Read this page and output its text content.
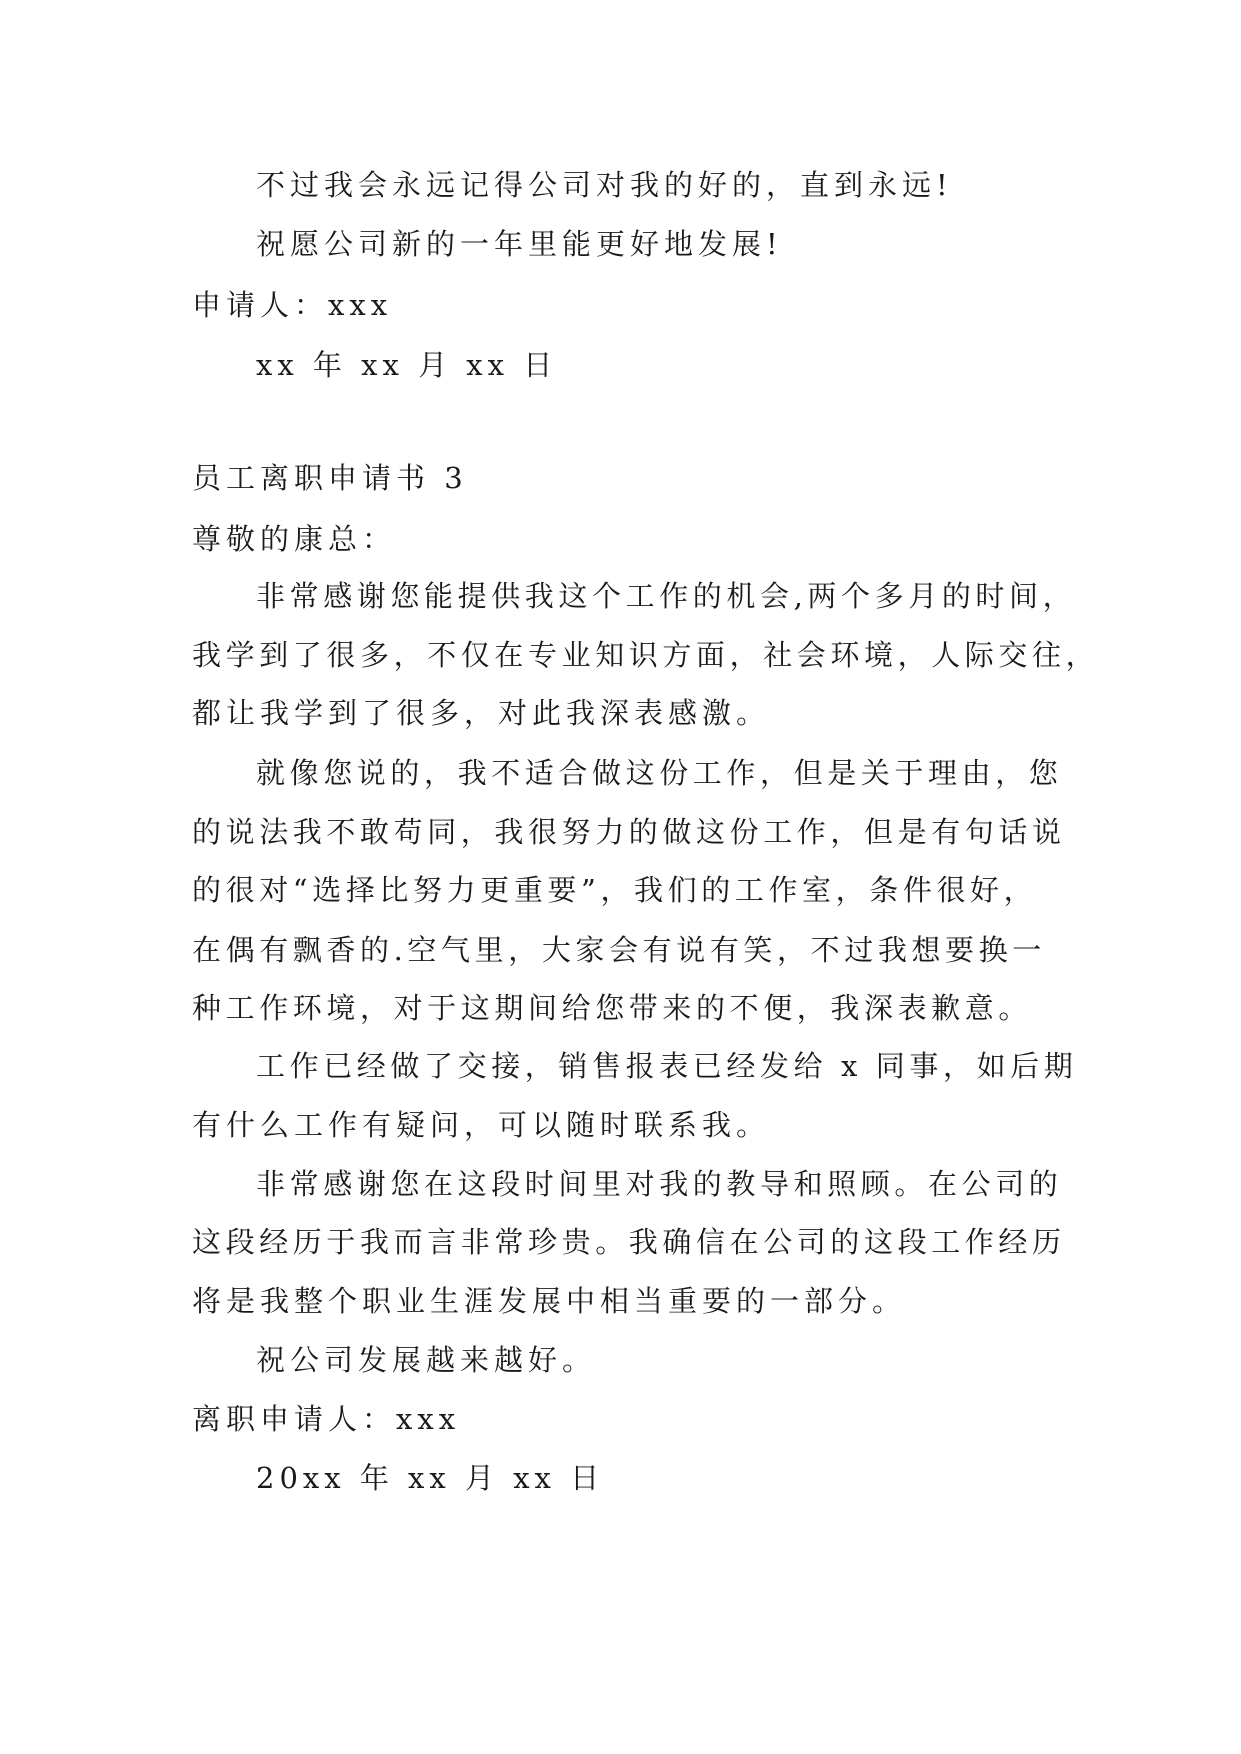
不过我会永远记得公司对我的好的，直到永远!
祝愿公司新的一年里能更好地发展!
申请人：xxx
xx 年 xx 月 xx 日
员工离职申请书 3
尊敬的康总：
非常感谢您能提供我这个工作的机会,两个多月的时间，
我学到了很多，不仅在专业知识方面，社会环境，人际交往，
都让我学到了很多，对此我深表感激。
就像您说的，我不适合做这份工作，但是关于理由，您
的说法我不敢苟同，我很努力的做这份工作，但是有句话说
的很对“选择比努力更重要”，我们的工作室，条件很好，
在偶有飘香的.空气里，大家会有说有笑，不过我想要换一
种工作环境，对于这期间给您带来的不便，我深表歉意。
工作已经做了交接，销售报表已经发给 x 同事，如后期
有什么工作有疑问，可以随时联系我。
非常感谢您在这段时间里对我的教导和照顾。在公司的
这段经历于我而言非常珍贵。我确信在公司的这段工作经历
将是我整个职业生涯发展中相当重要的一部分。
祝公司发展越来越好。
离职申请人：xxx
20xx 年 xx 月 xx 日
